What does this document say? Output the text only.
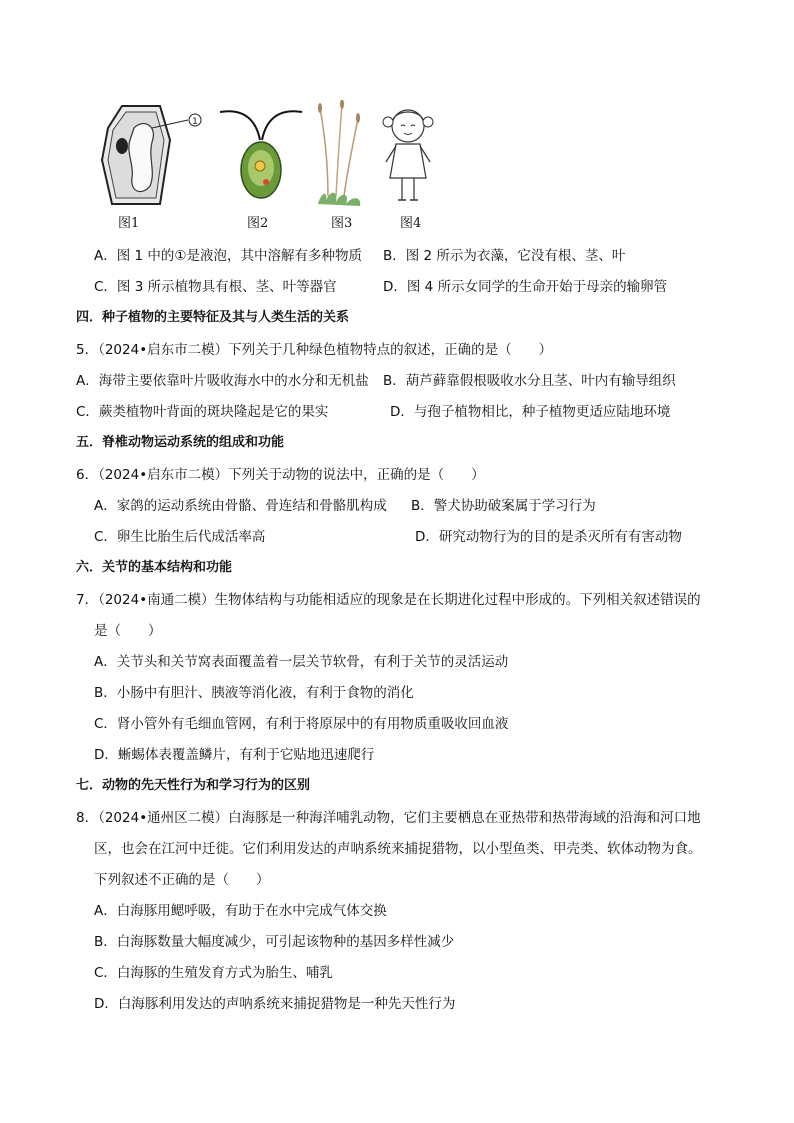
1
图1	图2	图3	图4
A．图 1 中的①是液泡，其中溶解有多种物质 B．图 2 所示为衣藻，它没有根、茎、叶
C．图 3 所示植物具有根、茎、叶等器官	D．图 4 所示女同学的生命开始于母亲的输卵管
四．种子植物的主要特征及其与人类生活的关系
5．（2024•启东市二模）下列关于几种绿色植物特点的叙述，正确的是（　　）
A．海带主要依靠叶片吸收海水中的水分和无机盐 B．葫芦藓靠假根吸收水分且茎、叶内有输导组织
C．蕨类植物叶背面的斑块隆起是它的果实	D．与孢子植物相比，种子植物更适应陆地环境
五．脊椎动物运动系统的组成和功能
6．（2024•启东市二模）下列关于动物的说法中，正确的是（　　）
A．家鸽的运动系统由骨骼、骨连结和骨骼肌构成 B．警犬协助破案属于学习行为
C．卵生比胎生后代成活率高	D．研究动物行为的目的是杀灭所有有害动物
六．关节的基本结构和功能
7．（2024•南通二模）生物体结构与功能相适应的现象是在长期进化过程中形成的。下列相关叙述错误的
是（　　）
A．关节头和关节窝表面覆盖着一层关节软骨，有利于关节的灵活运动
B．小肠中有胆汁、胰液等消化液，有利于食物的消化
C．肾小管外有毛细血管网，有利于将原尿中的有用物质重吸收回血液
D．蜥蜴体表覆盖鳞片，有利于它贴地迅速爬行
七．动物的先天性行为和学习行为的区别
8．（2024•通州区二模）白海豚是一种海洋哺乳动物，它们主要栖息在亚热带和热带海域的沿海和河口地
区，也会在江河中迁徙。它们利用发达的声呐系统来捕捉猎物，以小型鱼类、甲壳类、软体动物为食。
下列叙述不正确的是（　　）
A．白海豚用鳃呼吸，有助于在水中完成气体交换
B．白海豚数量大幅度减少，可引起该物种的基因多样性减少
C．白海豚的生殖发育方式为胎生、哺乳
D．白海豚利用发达的声呐系统来捕捉猎物是一种先天性行为
